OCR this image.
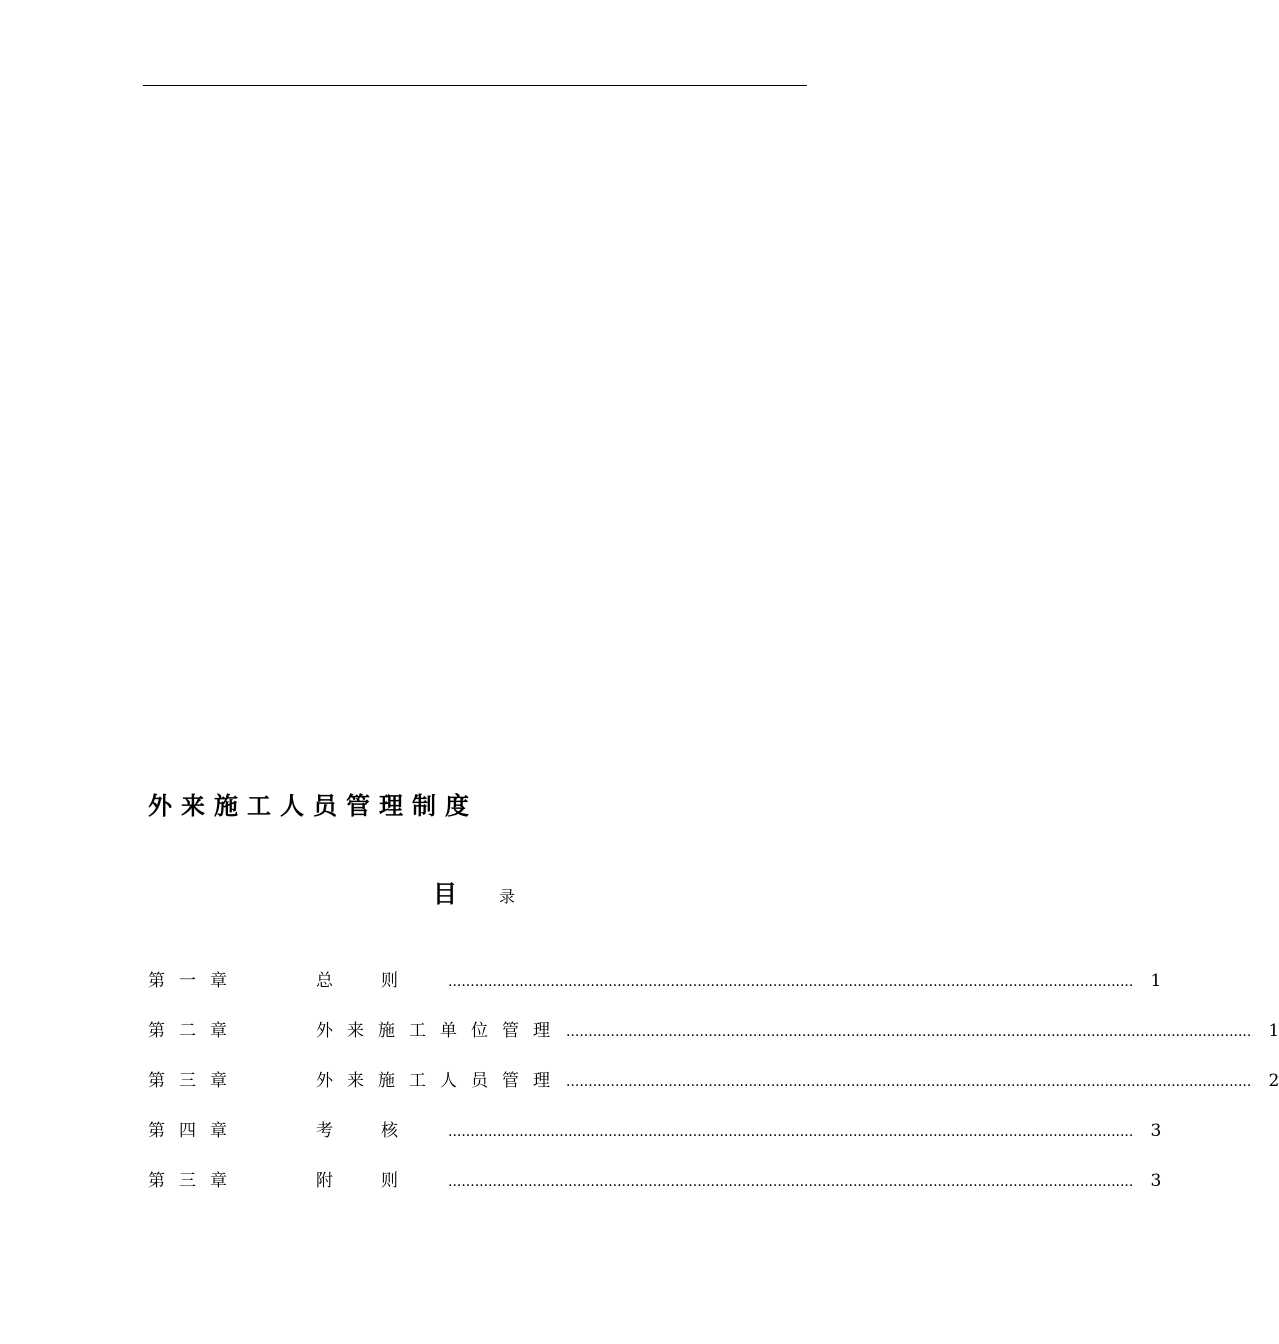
外来施工人员管理制度
目	录
第一章	总则 .......................................................................................................................................................... 1
第二章	外来施工单位管理 .......................................................................................................................................................... 1
第三章	外来施工人员管理 .......................................................................................................................................................... 2
第四章	考核 .......................................................................................................................................................... 3
第三章	附则 .......................................................................................................................................................... 3
